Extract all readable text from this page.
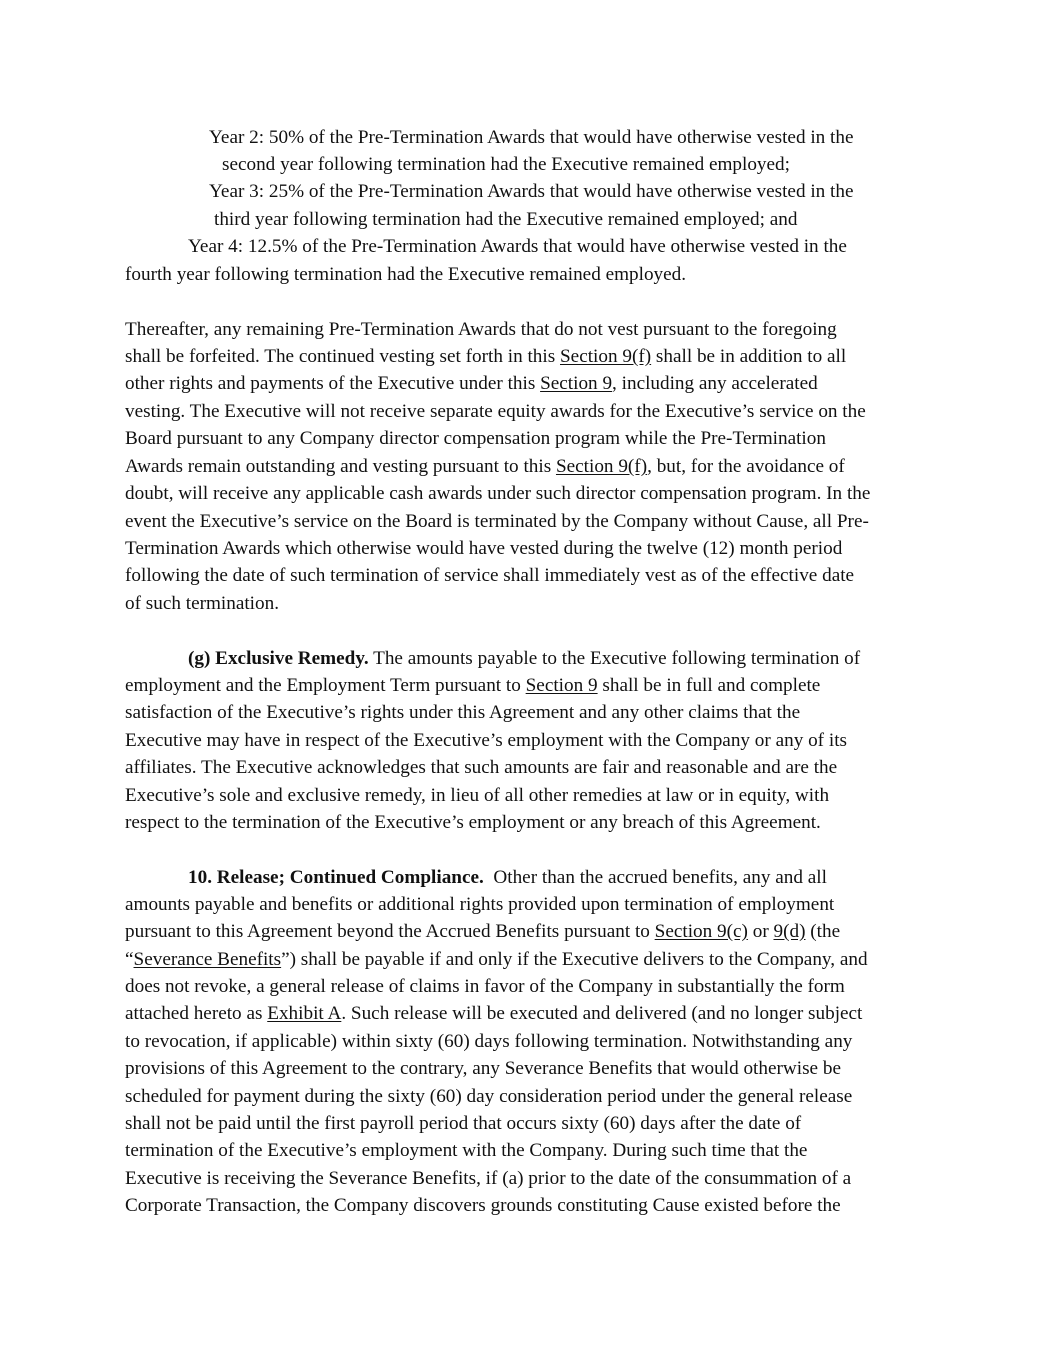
Year 2: 50% of the Pre-Termination Awards that would have otherwise vested in the
second year following termination had the Executive remained employed;
Year 3: 25% of the Pre-Termination Awards that would have otherwise vested in the
third year following termination had the Executive remained employed; and
Year 4: 12.5% of the Pre-Termination Awards that would have otherwise vested in the
fourth year following termination had the Executive remained employed.
Thereafter, any remaining Pre-Termination Awards that do not vest pursuant to the foregoing
shall be forfeited. The continued vesting set forth in this Section 9(f) shall be in addition to all
other rights and payments of the Executive under this Section 9, including any accelerated
vesting. The Executive will not receive separate equity awards for the Executive’s service on the
Board pursuant to any Company director compensation program while the Pre-Termination
Awards remain outstanding and vesting pursuant to this Section 9(f), but, for the avoidance of
doubt, will receive any applicable cash awards under such director compensation program. In the
event the Executive’s service on the Board is terminated by the Company without Cause, all Pre-
Termination Awards which otherwise would have vested during the twelve (12) month period
following the date of such termination of service shall immediately vest as of the effective date
of such termination.
(g) Exclusive Remedy. The amounts payable to the Executive following termination of
employment and the Employment Term pursuant to Section 9 shall be in full and complete
satisfaction of the Executive’s rights under this Agreement and any other claims that the
Executive may have in respect of the Executive’s employment with the Company or any of its
affiliates. The Executive acknowledges that such amounts are fair and reasonable and are the
Executive’s sole and exclusive remedy, in lieu of all other remedies at law or in equity, with
respect to the termination of the Executive’s employment or any breach of this Agreement.
10. Release; Continued Compliance.  Other than the accrued benefits, any and all
amounts payable and benefits or additional rights provided upon termination of employment
pursuant to this Agreement beyond the Accrued Benefits pursuant to Section 9(c) or 9(d) (the
“Severance Benefits”) shall be payable if and only if the Executive delivers to the Company, and
does not revoke, a general release of claims in favor of the Company in substantially the form
attached hereto as Exhibit A. Such release will be executed and delivered (and no longer subject
to revocation, if applicable) within sixty (60) days following termination. Notwithstanding any
provisions of this Agreement to the contrary, any Severance Benefits that would otherwise be
scheduled for payment during the sixty (60) day consideration period under the general release
shall not be paid until the first payroll period that occurs sixty (60) days after the date of
termination of the Executive’s employment with the Company. During such time that the
Executive is receiving the Severance Benefits, if (a) prior to the date of the consummation of a
Corporate Transaction, the Company discovers grounds constituting Cause existed before the
